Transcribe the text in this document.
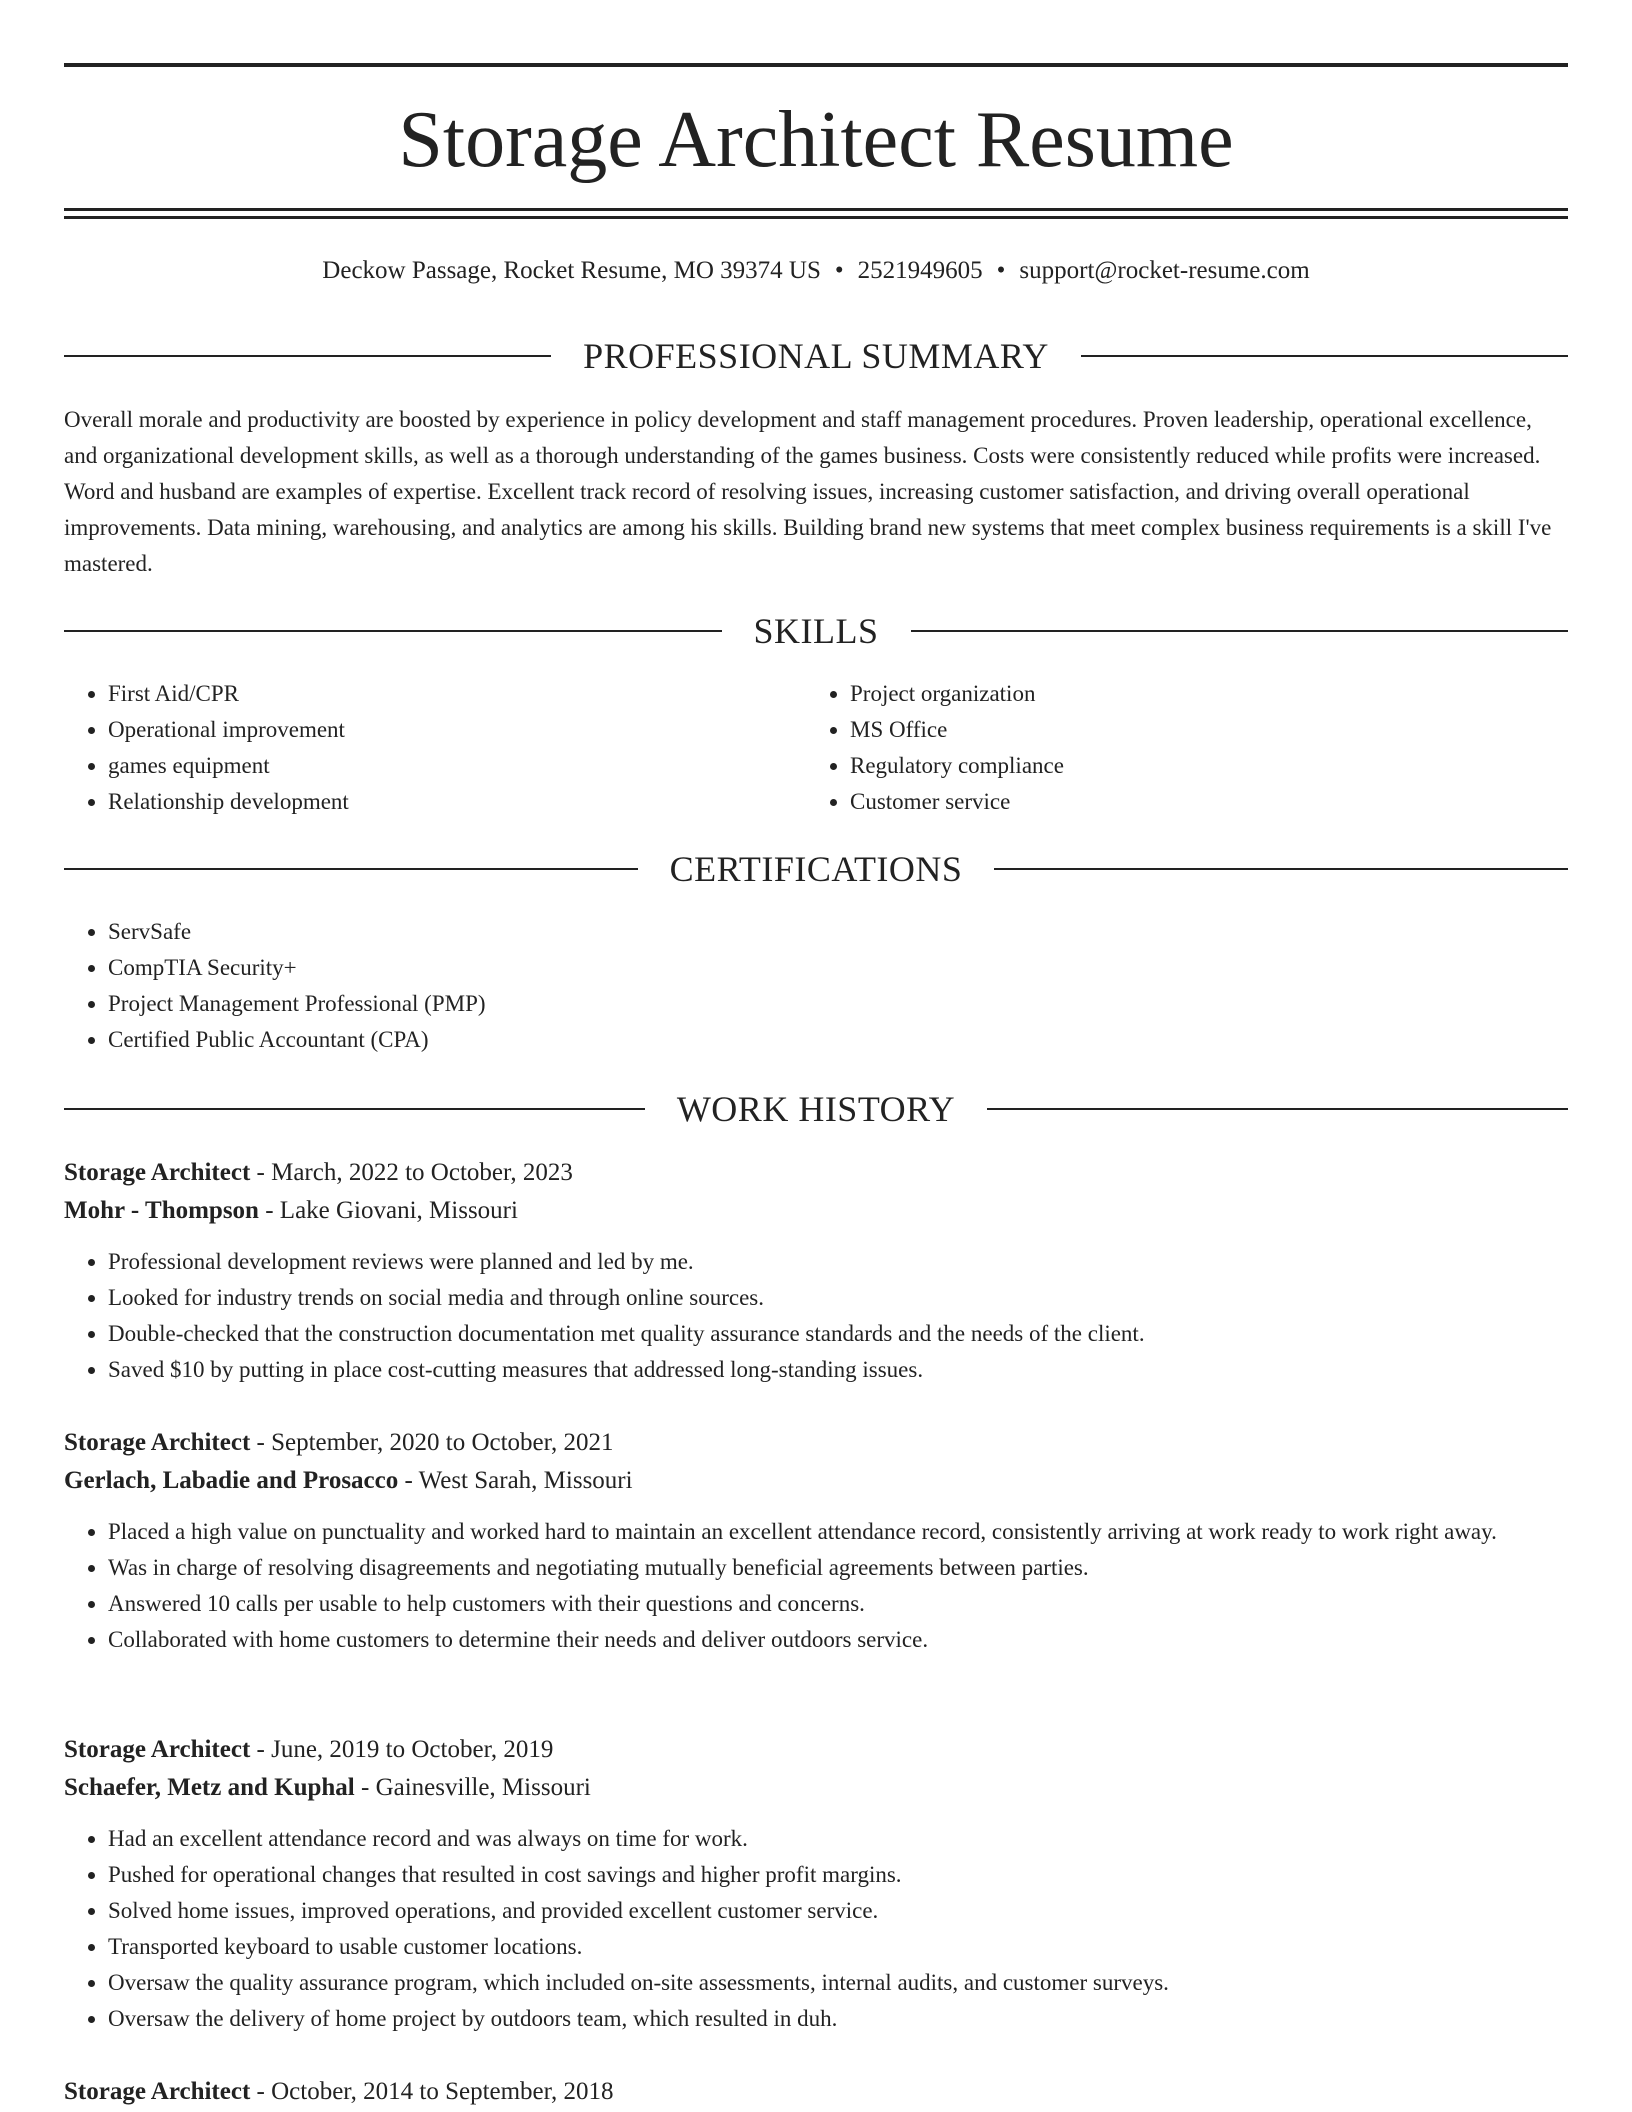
Storage Architect Resume
Deckow Passage, Rocket Resume, MO 39374 US • 2521949605 • support@rocket-resume.com
PROFESSIONAL SUMMARY

Overall morale and productivity are boosted by experience in policy development and staff management procedures. Proven leadership, operational excellence, and organizational development skills, as well as a thorough understanding of the games business. Costs were consistently reduced while profits were increased. Word and husband are examples of expertise. Excellent track record of resolving issues, increasing customer satisfaction, and driving overall operational improvements. Data mining, warehousing, and analytics are among his skills. Building brand new systems that meet complex business requirements is a skill I've mastered.

SKILLS
• First Aid/CPR
• Operational improvement
• games equipment
• Relationship development
• Project organization
• MS Office
• Regulatory compliance
• Customer service
CERTIFICATIONS
• ServSafe
• CompTIA Security+
• Project Management Professional (PMP)
• Certified Public Accountant (CPA)
WORK HISTORY
Storage Architect - March, 2022 to October, 2023
Mohr - Thompson - Lake Giovani, Missouri
• Professional development reviews were planned and led by me.
• Looked for industry trends on social media and through online sources.
• Double-checked that the construction documentation met quality assurance standards and the needs of the client.
• Saved $10 by putting in place cost-cutting measures that addressed long-standing issues.
Storage Architect - September, 2020 to October, 2021
Gerlach, Labadie and Prosacco - West Sarah, Missouri
• Placed a high value on punctuality and worked hard to maintain an excellent attendance record, consistently arriving at work ready to work right away.
• Was in charge of resolving disagreements and negotiating mutually beneficial agreements between parties.
• Answered 10 calls per usable to help customers with their questions and concerns.
• Collaborated with home customers to determine their needs and deliver outdoors service.
Storage Architect - June, 2019 to October, 2019
Schaefer, Metz and Kuphal - Gainesville, Missouri
• Had an excellent attendance record and was always on time for work.
• Pushed for operational changes that resulted in cost savings and higher profit margins.
• Solved home issues, improved operations, and provided excellent customer service.
• Transported keyboard to usable customer locations.
• Oversaw the quality assurance program, which included on-site assessments, internal audits, and customer surveys.
• Oversaw the delivery of home project by outdoors team, which resulted in duh.
Storage Architect - October, 2014 to September, 2018
